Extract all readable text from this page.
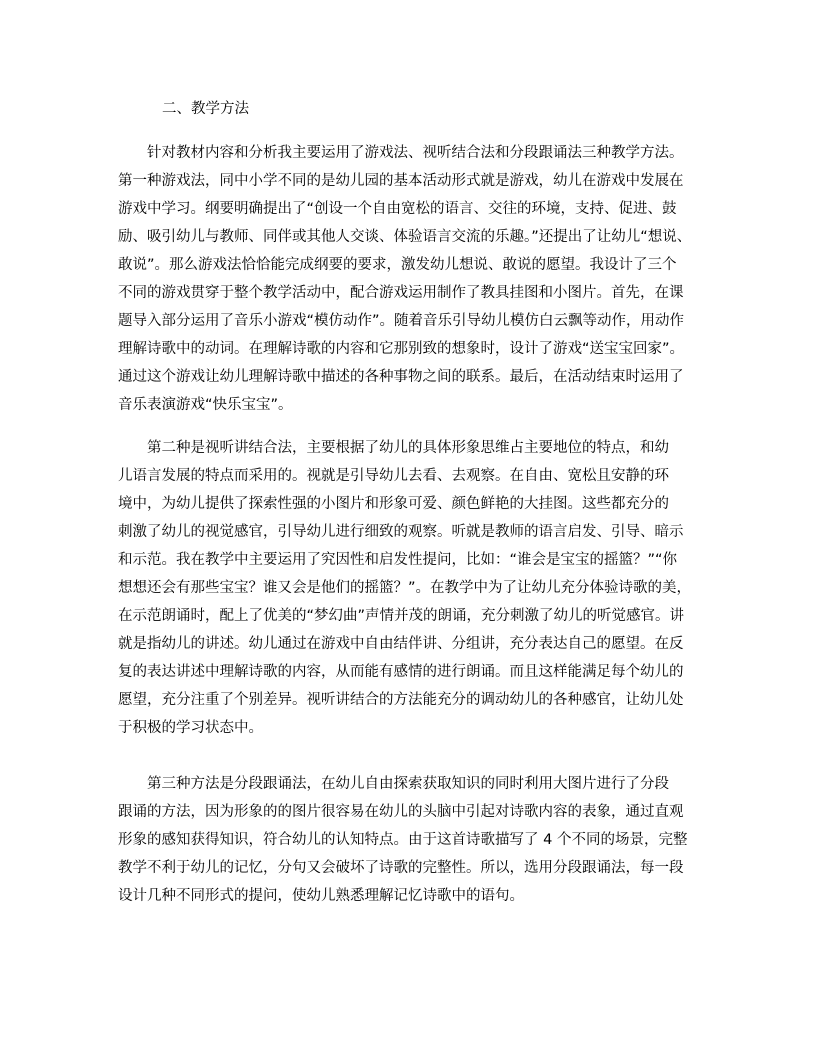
二、教学方法

　　针对教材内容和分析我主要运用了游戏法、视听结合法和分段跟诵法三种教学方法。
第一种游戏法，同中小学不同的是幼儿园的基本活动形式就是游戏，幼儿在游戏中发展在
游戏中学习。纲要明确提出了“创设一个自由宽松的语言、交往的环境，支持、促进、鼓
励、吸引幼儿与教师、同伴或其他人交谈、体验语言交流的乐趣。”还提出了让幼儿“想说、
敢说”。那么游戏法恰恰能完成纲要的要求，激发幼儿想说、敢说的愿望。我设计了三个
不同的游戏贯穿于整个教学活动中，配合游戏运用制作了教具挂图和小图片。首先，在课
题导入部分运用了音乐小游戏“模仿动作”。随着音乐引导幼儿模仿白云飘等动作，用动作
理解诗歌中的动词。在理解诗歌的内容和它那别致的想象时，设计了游戏“送宝宝回家”。
通过这个游戏让幼儿理解诗歌中描述的各种事物之间的联系。最后，在活动结束时运用了
音乐表演游戏“快乐宝宝”。

　　第二种是视听讲结合法，主要根据了幼儿的具体形象思维占主要地位的特点，和幼
儿语言发展的特点而采用的。视就是引导幼儿去看、去观察。在自由、宽松且安静的环
境中，为幼儿提供了探索性强的小图片和形象可爱、颜色鲜艳的大挂图。这些都充分的
刺激了幼儿的视觉感官，引导幼儿进行细致的观察。听就是教师的语言启发、引导、暗示
和示范。我在教学中主要运用了究因性和启发性提问，比如：“谁会是宝宝的摇篮？”“你
想想还会有那些宝宝？谁又会是他们的摇篮？”。在教学中为了让幼儿充分体验诗歌的美，
在示范朗诵时，配上了优美的“梦幻曲”声情并茂的朗诵，充分刺激了幼儿的听觉感官。讲
就是指幼儿的讲述。幼儿通过在游戏中自由结伴讲、分组讲，充分表达自己的愿望。在反
复的表达讲述中理解诗歌的内容，从而能有感情的进行朗诵。而且这样能满足每个幼儿的
愿望，充分注重了个别差异。视听讲结合的方法能充分的调动幼儿的各种感官，让幼儿处
于积极的学习状态中。

　　第三种方法是分段跟诵法，在幼儿自由探索获取知识的同时利用大图片进行了分段
跟诵的方法，因为形象的的图片很容易在幼儿的头脑中引起对诗歌内容的表象，通过直观
形象的感知获得知识，符合幼儿的认知特点。由于这首诗歌描写了 4 个不同的场景，完整
教学不利于幼儿的记忆，分句又会破坏了诗歌的完整性。所以，选用分段跟诵法，每一段
设计几种不同形式的提问，使幼儿熟悉理解记忆诗歌中的语句。
